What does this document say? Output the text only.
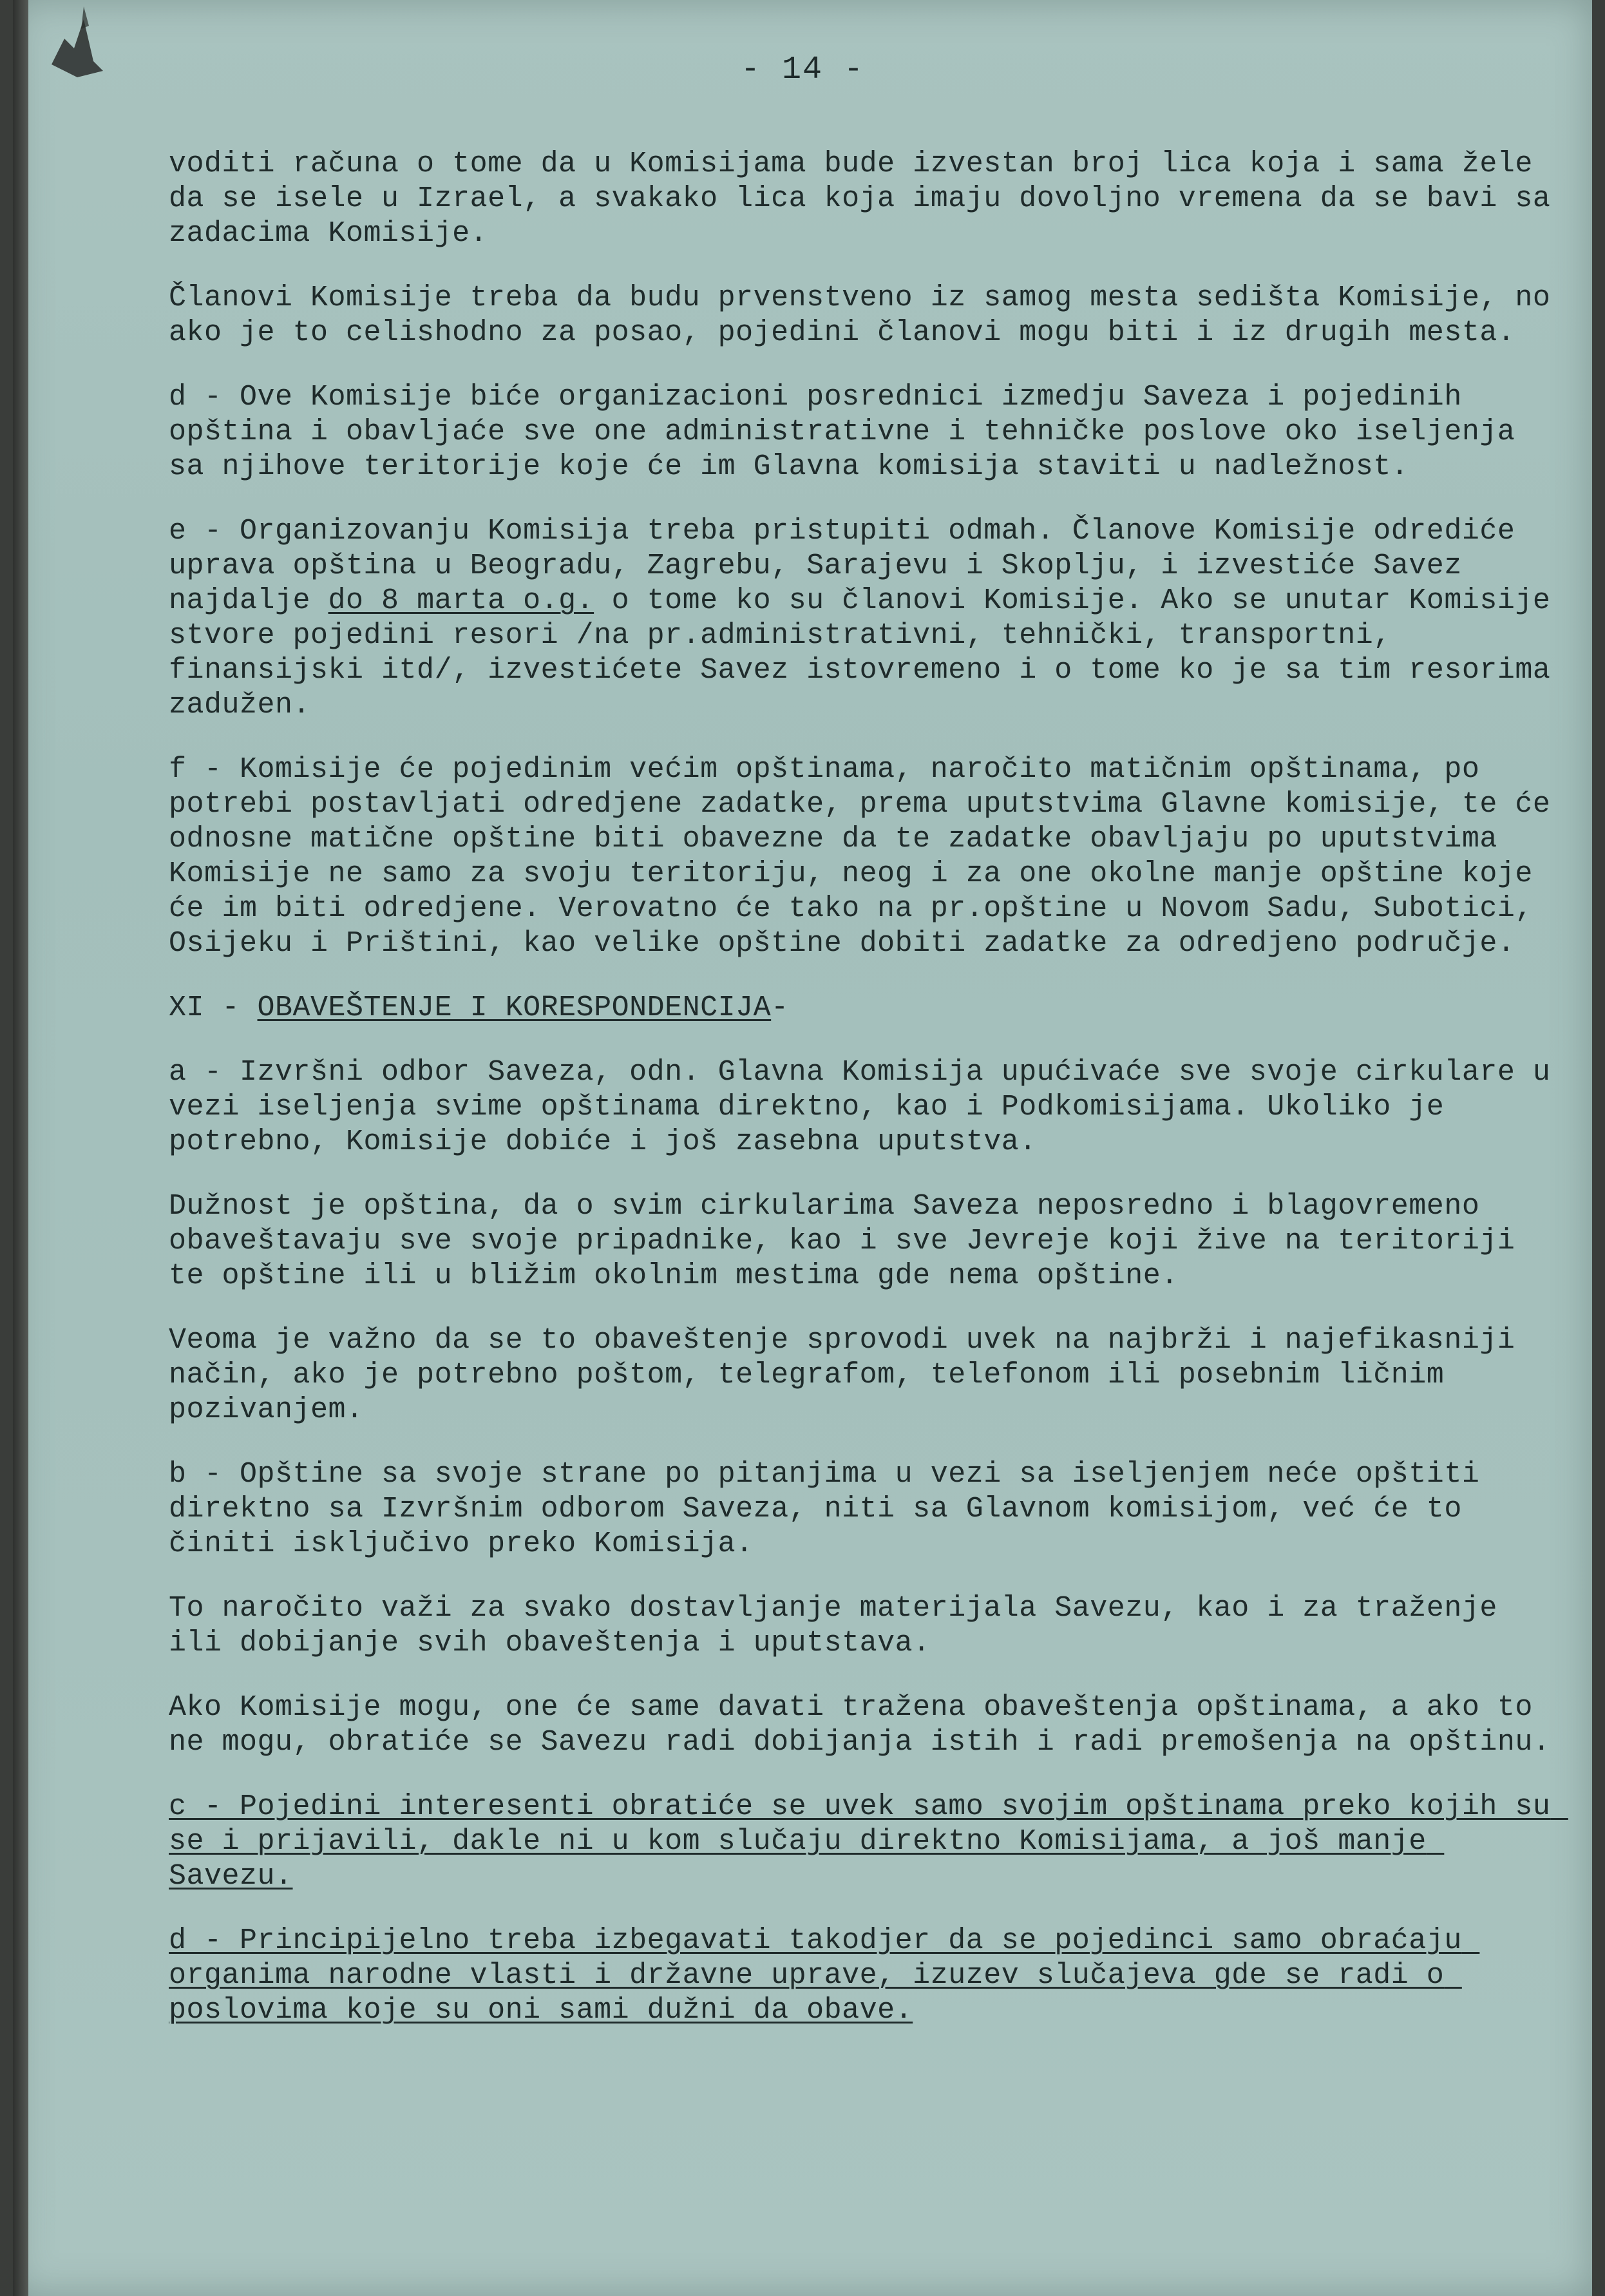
- 14 -

voditi računa o tome da u Komisijama bude izvestan broj lica koja i sama žele da se isele u Izrael, a svakako lica koja imaju dovoljno vremena da se bavi sa zadacima Komisije.

Članovi Komisije treba da budu prvenstveno iz samog mesta sedišta Komisije, no ako je to celishodno za posao, pojedini članovi mogu biti i iz drugih mesta.

d - Ove Komisije biće organizacioni posrednici izmedju Saveza i pojedinih opština i obavljaće sve one administrativne i tehničke poslove oko iseljenja sa njihove teritorije koje će im Glavna komisija staviti u nadležnost.

e - Organizovanju Komisija treba pristupiti odmah. Članove Komisije odrediće uprava opština u Beogradu, Zagrebu, Sarajevu i Skoplju, i izvestiće Savez najdalje do 8 marta o.g. o tome ko su članovi Komisije. Ako se unutar Komisije stvore pojedini resori /na pr.administrativni, tehnički, transportni, finansijski itd/, izvestićete Savez istovremeno i o tome ko je sa tim resorima zadužen.

f - Komisije će pojedinim većim opštinama, naročito matičnim opštinama, po potrebi postavljati odredjene zadatke, prema uputstvima Glavne komisije, te će odnosne matične opštine biti obavezne da te zadatke obavljaju po uputstvima Komisije ne samo za svoju teritoriju, neog i za one okolne manje opštine koje će im biti odredjene. Verovatno će tako na pr.opštine u Novom Sadu, Subotici, Osijeku i Prištini, kao velike opštine dobiti zadatke za odredjeno područje.

XI - OBAVEŠTENJE I KORESPONDENCIJA-

a - Izvršni odbor Saveza, odn. Glavna Komisija upućivaće sve svoje cirkulare u vezi iseljenja svime opštinama direktno, kao i Podkomisijama. Ukoliko je potrebno, Komisije dobiće i još zasebna uputstva.

Dužnost je opština, da o svim cirkularima Saveza neposredno i blagovremeno obaveštavaju sve svoje pripadnike, kao i sve Jevreje koji žive na teritoriji te opštine ili u bližim okolnim mestima gde nema opštine.

Veoma je važno da se to obaveštenje sprovodi uvek na najbrži i najefikasniji način, ako je potrebno poštom, telegrafom, telefonom ili posebnim ličnim pozivanjem.

b - Opštine sa svoje strane po pitanjima u vezi sa iseljenjem neće opštiti direktno sa Izvršnim odborom Saveza, niti sa Glavnom komisijom, već će to činiti isključivo preko Komisija.

To naročito važi za svako dostavljanje materijala Savezu, kao i za traženje ili dobijanje svih obaveštenja i uputstava.

Ako Komisije mogu, one će same davati tražena obaveštenja opštinama, a ako to ne mogu, obratiće se Savezu radi dobijanja istih i radi premošenja na opštinu.

c - Pojedini interesenti obratiće se uvek samo svojim opštinama preko kojih su se i prijavili, dakle ni u kom slučaju direktno Komisijama, a još manje Savezu.

d - Principijelno treba izbegavati takodjer da se pojedinci samo obraćaju organima narodne vlasti i državne uprave, izuzev slučajeva gde se radi o poslovima koje su oni sami dužni da obave.
